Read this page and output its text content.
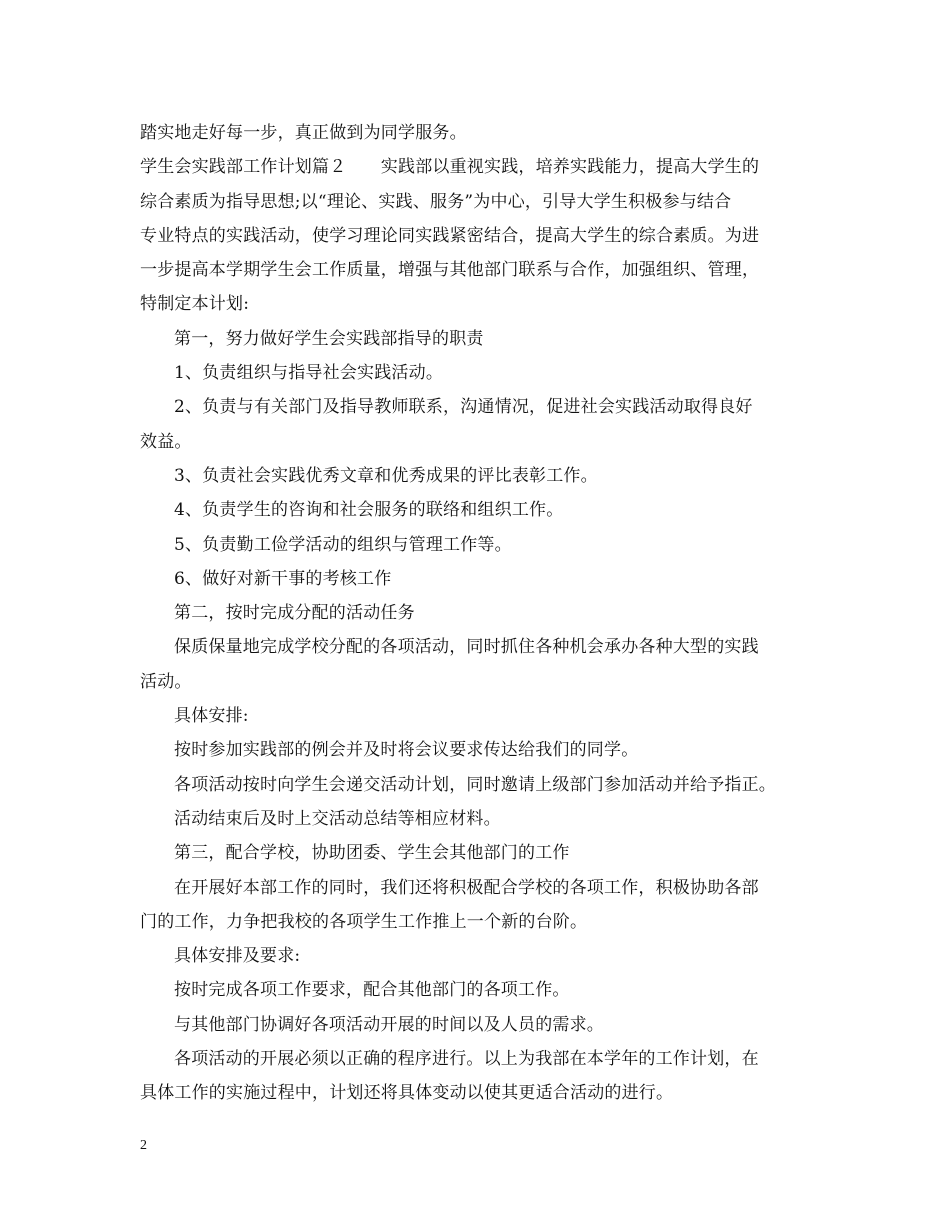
踏实地走好每一步，真正做到为同学服务。
学生会实践部工作计划篇２　　实践部以重视实践，培养实践能力，提高大学生的
综合素质为指导思想;以“理论、实践、服务”为中心，引导大学生积极参与结合
专业特点的实践活动，使学习理论同实践紧密结合，提高大学生的综合素质。为进
一步提高本学期学生会工作质量，增强与其他部门联系与合作，加强组织、管理，
特制定本计划:
第一，努力做好学生会实践部指导的职责
1、负责组织与指导社会实践活动。
2、负责与有关部门及指导教师联系，沟通情况，促进社会实践活动取得良好
效益。
3、负责社会实践优秀文章和优秀成果的评比表彰工作。
4、负责学生的咨询和社会服务的联络和组织工作。
5、负责勤工俭学活动的组织与管理工作等。
6、做好对新干事的考核工作
第二，按时完成分配的活动任务
保质保量地完成学校分配的各项活动，同时抓住各种机会承办各种大型的实践
活动。
具体安排:
按时参加实践部的例会并及时将会议要求传达给我们的同学。
各项活动按时向学生会递交活动计划，同时邀请上级部门参加活动并给予指正。
活动结束后及时上交活动总结等相应材料。
第三，配合学校，协助团委、学生会其他部门的工作
在开展好本部工作的同时，我们还将积极配合学校的各项工作，积极协助各部
门的工作，力争把我校的各项学生工作推上一个新的台阶。
具体安排及要求:
按时完成各项工作要求，配合其他部门的各项工作。
与其他部门协调好各项活动开展的时间以及人员的需求。
各项活动的开展必须以正确的程序进行。以上为我部在本学年的工作计划，在
具体工作的实施过程中，计划还将具体变动以使其更适合活动的进行。
2
